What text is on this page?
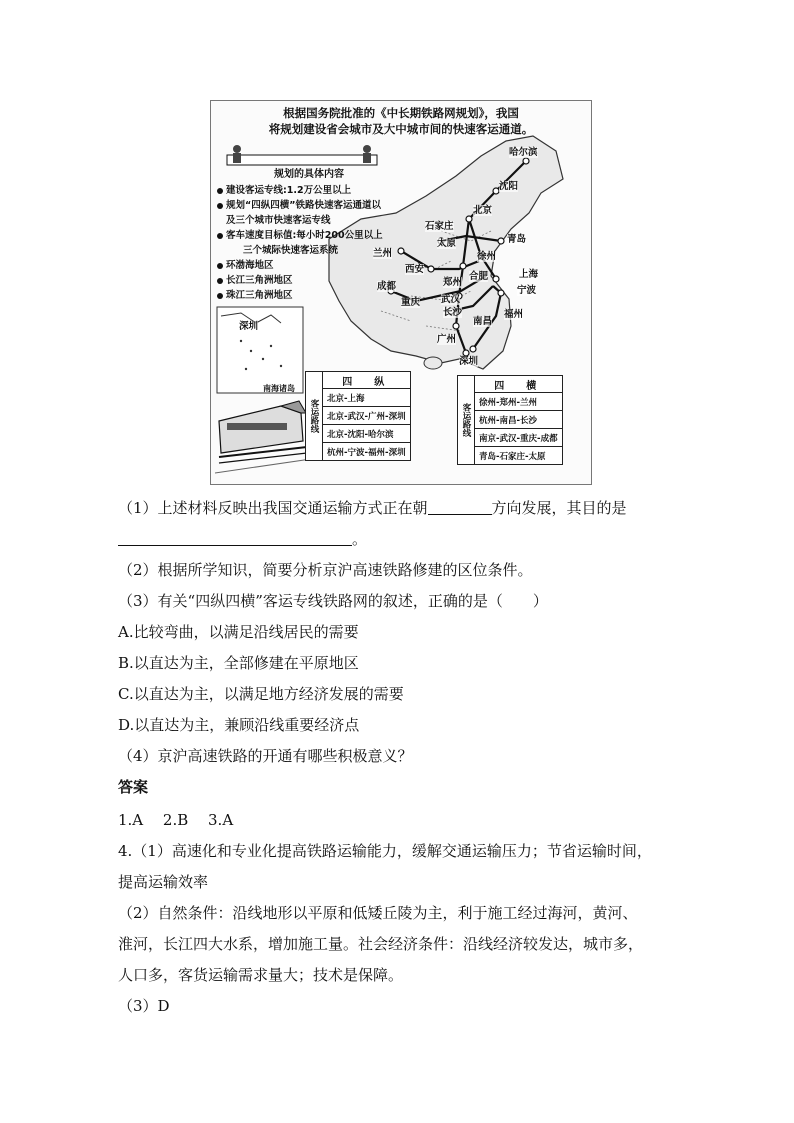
根据国务院批准的《中长期铁路网规划》，我国
将规划建设省会城市及大中城市间的快速客运通道。
规划的具体内容
建设客运专线:1.2万公里以上
规划“四纵四横”铁路快速客运通道以
及三个城市快速客运专线
客车速度目标值:每小时200公里以上
三个城际快速客运系统
环渤海地区
长江三角洲地区
珠江三角洲地区
哈尔滨
沈阳
北京
石家庄
太原	青岛
兰州
西安
郑州
徐州
武汉
合肥	上海
宁波
成都
重庆
长沙
南昌
福州
广州
深圳
深圳
南海诸岛
客运路线	四　纵
北京-上海
北京-武汉-广州-深圳
北京-沈阳-哈尔滨
杭州-宁波-福州-深圳
客运路线	四　横
徐州-郑州-兰州
杭州-南昌-长沙
南京-武汉-重庆-成都
青岛-石家庄-太原
（1）上述材料反映出我国交通运输方式正在朝	方向发展，其目的是
。
（2）根据所学知识，简要分析京沪高速铁路修建的区位条件。
（3）有关“四纵四横”客运专线铁路网的叙述，正确的是（　　）
A.比较弯曲，以满足沿线居民的需要
B.以直达为主，全部修建在平原地区
C.以直达为主，以满足地方经济发展的需要
D.以直达为主，兼顾沿线重要经济点
（4）京沪高速铁路的开通有哪些积极意义？
答案
1.A　 2.B　 3.A
4.（1）高速化和专业化提高铁路运输能力，缓解交通运输压力；节省运输时间，
提高运输效率
（2）自然条件：沿线地形以平原和低矮丘陵为主，利于施工经过海河，黄河、
淮河，长江四大水系，增加施工量。社会经济条件：沿线经济较发达，城市多，
人口多，客货运输需求量大；技术是保障。
（3）D
